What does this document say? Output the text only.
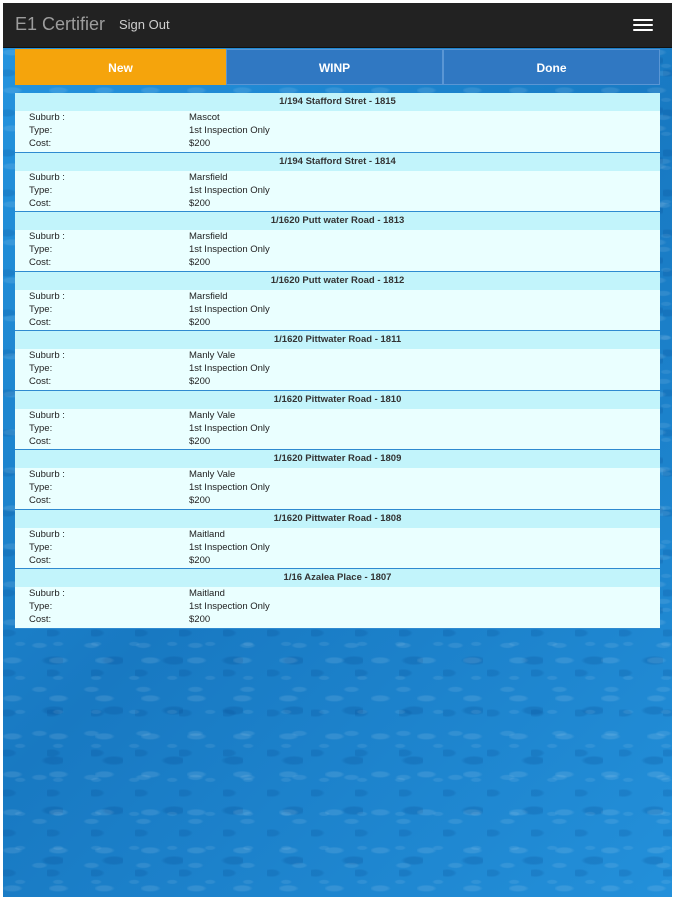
E1 Certifier Sign Out
New	WINP	Done
1/194 Stafford Stret - 1815
Suburb :	Mascot
Type:	1st Inspection Only
Cost:	$200
1/194 Stafford Stret - 1814
Suburb :	Marsfield
Type:	1st Inspection Only
Cost:	$200
1/1620 Putt water Road - 1813
Suburb :	Marsfield
Type:	1st Inspection Only
Cost:	$200
1/1620 Putt water Road - 1812
Suburb :	Marsfield
Type:	1st Inspection Only
Cost:	$200
1/1620 Pittwater Road - 1811
Suburb :	Manly Vale
Type:	1st Inspection Only
Cost:	$200
1/1620 Pittwater Road - 1810
Suburb :	Manly Vale
Type:	1st Inspection Only
Cost:	$200
1/1620 Pittwater Road - 1809
Suburb :	Manly Vale
Type:	1st Inspection Only
Cost:	$200
1/1620 Pittwater Road - 1808
Suburb :	Maitland
Type:	1st Inspection Only
Cost:	$200
1/16 Azalea Place - 1807
Suburb :	Maitland
Type:	1st Inspection Only
Cost:	$200
